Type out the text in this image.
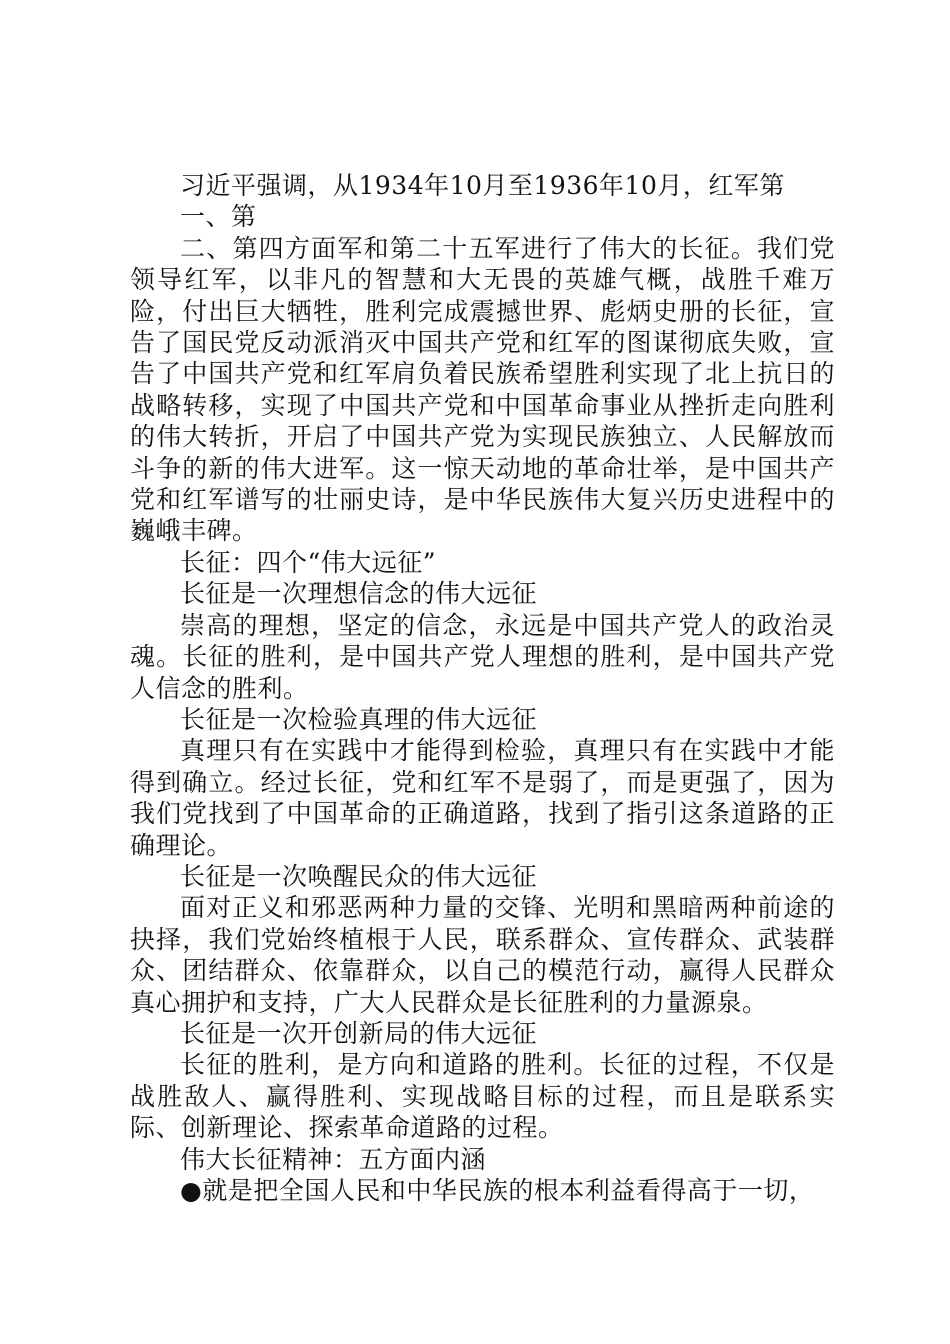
习近平强调，从1934年10月至1936年10月，红军第

一、第

二、第四方面军和第二十五军进行了伟大的长征。我们党领导红军，以非凡的智慧和大无畏的英雄气概，战胜千难万险，付出巨大牺牲，胜利完成震撼世界、彪炳史册的长征，宣告了国民党反动派消灭中国共产党和红军的图谋彻底失败，宣告了中国共产党和红军肩负着民族希望胜利实现了北上抗日的战略转移，实现了中国共产党和中国革命事业从挫折走向胜利的伟大转折，开启了中国共产党为实现民族独立、人民解放而斗争的新的伟大进军。这一惊天动地的革命壮举，是中国共产党和红军谱写的壮丽史诗，是中华民族伟大复兴历史进程中的巍峨丰碑。

长征：四个“伟大远征”

长征是一次理想信念的伟大远征

崇高的理想，坚定的信念，永远是中国共产党人的政治灵魂。长征的胜利，是中国共产党人理想的胜利，是中国共产党人信念的胜利。

长征是一次检验真理的伟大远征

真理只有在实践中才能得到检验，真理只有在实践中才能得到确立。经过长征，党和红军不是弱了，而是更强了，因为我们党找到了中国革命的正确道路，找到了指引这条道路的正确理论。

长征是一次唤醒民众的伟大远征

面对正义和邪恶两种力量的交锋、光明和黑暗两种前途的抉择，我们党始终植根于人民，联系群众、宣传群众、武装群众、团结群众、依靠群众，以自己的模范行动，赢得人民群众真心拥护和支持，广大人民群众是长征胜利的力量源泉。

长征是一次开创新局的伟大远征

长征的胜利，是方向和道路的胜利。长征的过程，不仅是战胜敌人、赢得胜利、实现战略目标的过程，而且是联系实际、创新理论、探索革命道路的过程。

伟大长征精神：五方面内涵

●就是把全国人民和中华民族的根本利益看得高于一切，
